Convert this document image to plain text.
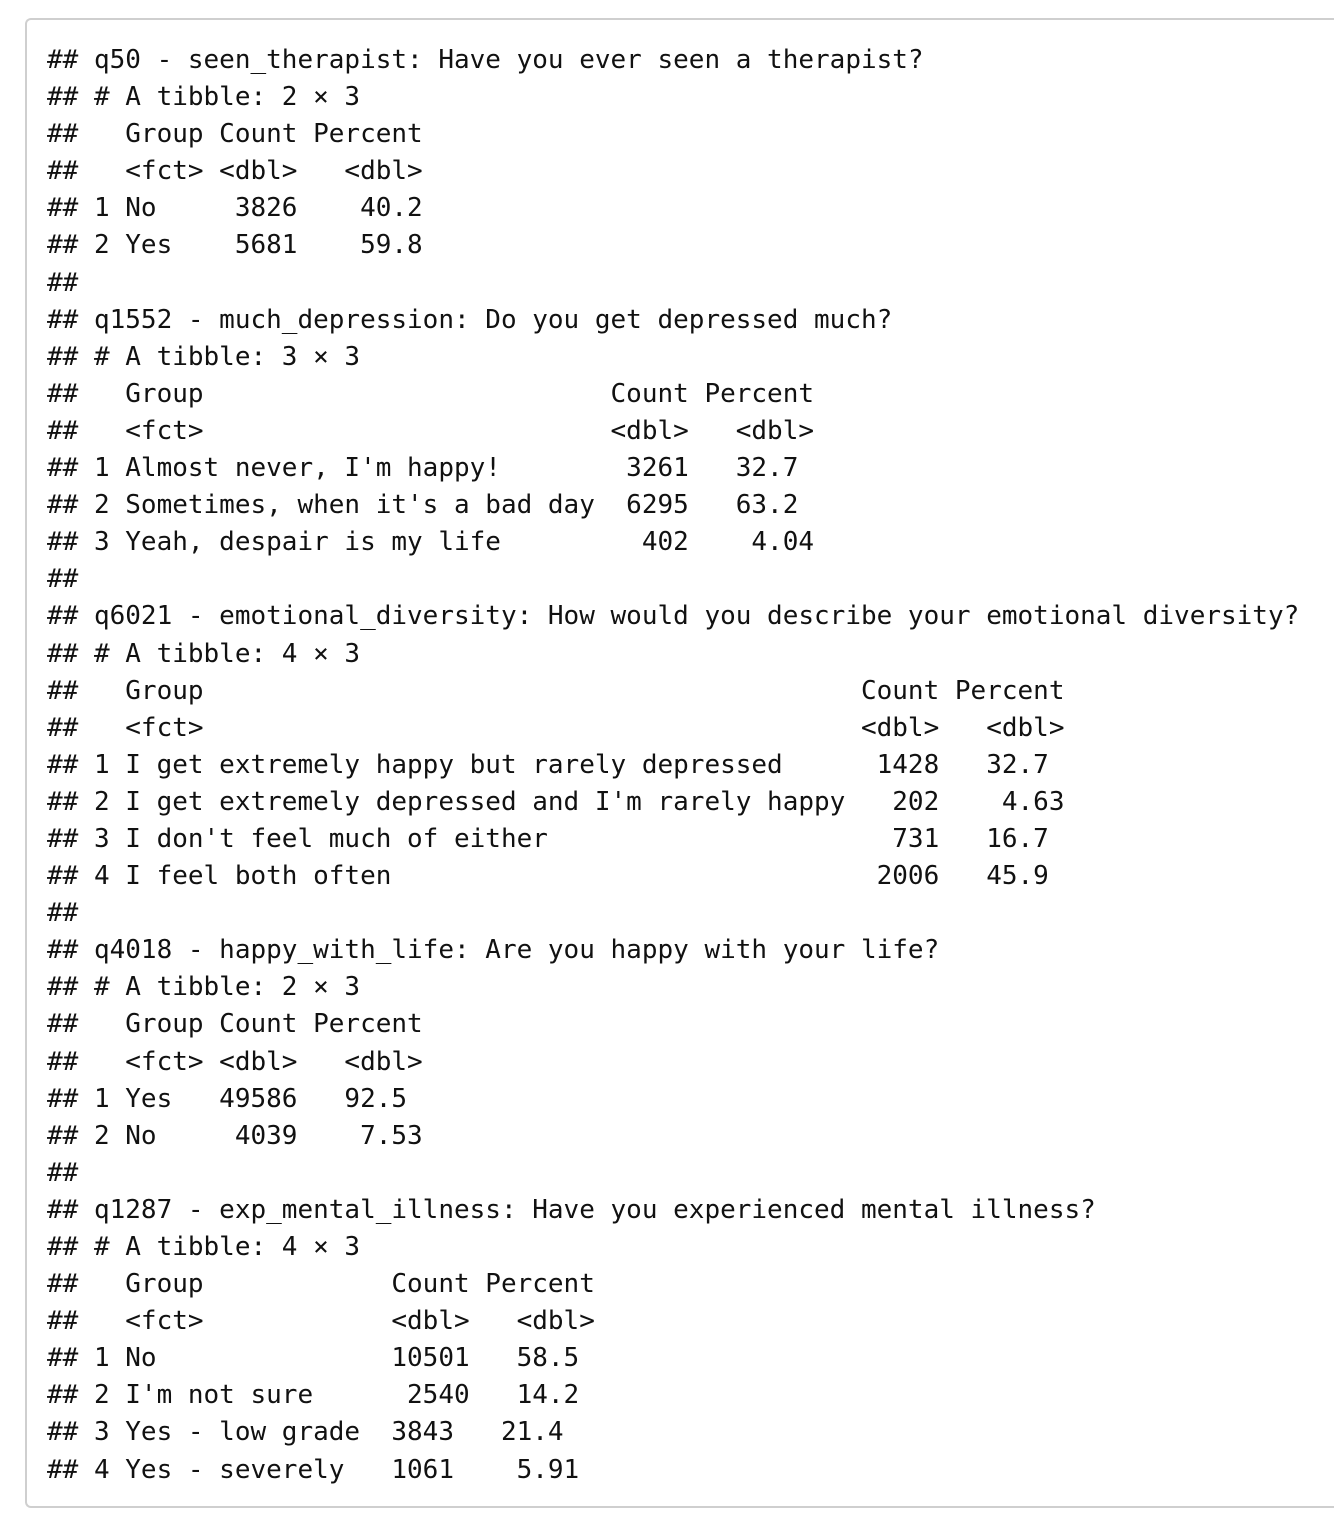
## q50 - seen_therapist: Have you ever seen a therapist?
## # A tibble: 2 × 3
##   Group Count Percent
##   <fct> <dbl>   <dbl>
## 1 No     3826    40.2
## 2 Yes    5681    59.8
##
## q1552 - much_depression: Do you get depressed much?
## # A tibble: 3 × 3
##   Group                          Count Percent
##   <fct>                          <dbl>   <dbl>
## 1 Almost never, I'm happy!        3261   32.7
## 2 Sometimes, when it's a bad day  6295   63.2
## 3 Yeah, despair is my life         402    4.04
##
## q6021 - emotional_diversity: How would you describe your emotional diversity?
## # A tibble: 4 × 3
##   Group                                          Count Percent
##   <fct>                                          <dbl>   <dbl>
## 1 I get extremely happy but rarely depressed      1428   32.7
## 2 I get extremely depressed and I'm rarely happy   202    4.63
## 3 I don't feel much of either                      731   16.7
## 4 I feel both often                               2006   45.9
##
## q4018 - happy_with_life: Are you happy with your life?
## # A tibble: 2 × 3
##   Group Count Percent
##   <fct> <dbl>   <dbl>
## 1 Yes   49586   92.5
## 2 No     4039    7.53
##
## q1287 - exp_mental_illness: Have you experienced mental illness?
## # A tibble: 4 × 3
##   Group            Count Percent
##   <fct>            <dbl>   <dbl>
## 1 No               10501   58.5
## 2 I'm not sure      2540   14.2
## 3 Yes - low grade  3843   21.4
## 4 Yes - severely   1061    5.91
